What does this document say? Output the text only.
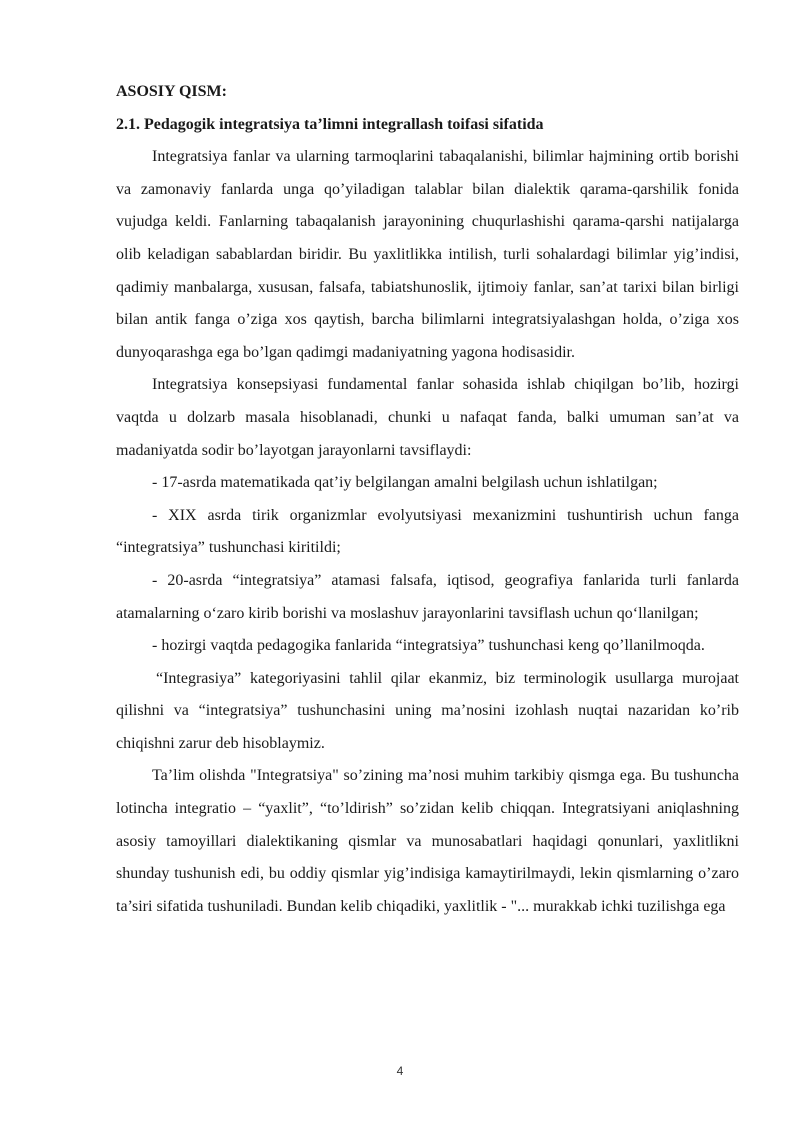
ASOSIY QISM:

2.1. Pedagogik integratsiya ta’limni integrallash toifasi sifatida

Integratsiya fanlar va ularning tarmoqlarini tabaqalanishi, bilimlar hajmining ortib borishi va zamonaviy fanlarda unga qo’yiladigan talablar bilan dialektik qarama-qarshilik fonida vujudga keldi. Fanlarning tabaqalanish jarayonining chuqurlashishi qarama-qarshi natijalarga olib keladigan sabablardan biridir. Bu yaxlitlikka intilish, turli sohalardagi bilimlar yig’indisi, qadimiy manbalarga, xususan, falsafa, tabiatshunoslik, ijtimoiy fanlar, san’at tarixi bilan birligi bilan antik fanga o’ziga xos qaytish, barcha bilimlarni integratsiyalashgan holda, o’ziga xos dunyoqarashga ega bo’lgan qadimgi madaniyatning yagona hodisasidir.

Integratsiya konsepsiyasi fundamental fanlar sohasida ishlab chiqilgan bo’lib, hozirgi vaqtda u dolzarb masala hisoblanadi, chunki u nafaqat fanda, balki umuman san’at va madaniyatda sodir bo’layotgan jarayonlarni tavsiflaydi:

- 17-asrda matematikada qat’iy belgilangan amalni belgilash uchun ishlatilgan;

- XIX asrda tirik organizmlar evolyutsiyasi mexanizmini tushuntirish uchun fanga “integratsiya” tushunchasi kiritildi;

- 20-asrda “integratsiya” atamasi falsafa, iqtisod, geografiya fanlarida turli fanlarda atamalarning o‘zaro kirib borishi va moslashuv jarayonlarini tavsiflash uchun qo‘llanilgan;

- hozirgi vaqtda pedagogika fanlarida “integratsiya” tushunchasi keng qo’llanilmoqda.

“Integrasiya” kategoriyasini tahlil qilar ekanmiz, biz terminologik usullarga murojaat qilishni va “integratsiya” tushunchasini uning ma’nosini izohlash nuqtai nazaridan ko’rib chiqishni zarur deb hisoblaymiz.

Ta’lim olishda "Integratsiya" so’zining ma’nosi muhim tarkibiy qismga ega. Bu tushuncha lotincha integratio – “yaxlit”, “to’ldirish” so’zidan kelib chiqqan. Integratsiyani aniqlashning asosiy tamoyillari dialektikaning qismlar va munosabatlari haqidagi qonunlari, yaxlitlikni shunday tushunish edi, bu oddiy qismlar yig’indisiga kamaytirilmaydi, lekin qismlarning o’zaro ta’siri sifatida tushuniladi. Bundan kelib chiqadiki, yaxlitlik - "... murakkab ichki tuzilishga ega

4
